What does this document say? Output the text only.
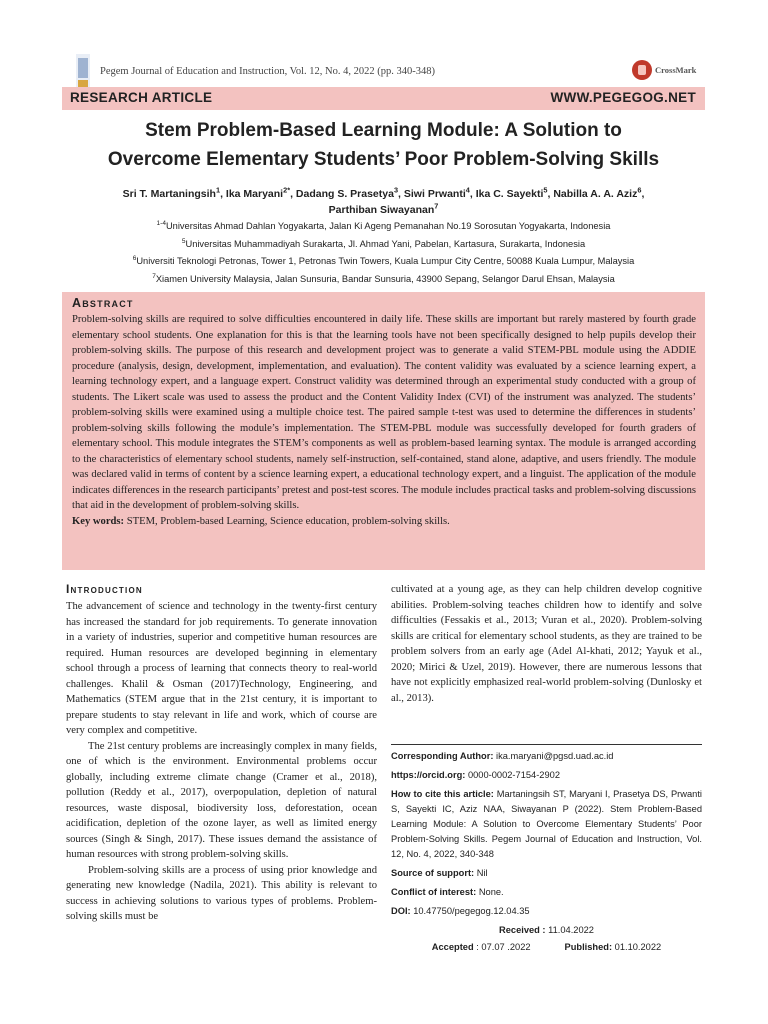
Pegem Journal of Education and Instruction, Vol. 12, No. 4, 2022 (pp. 340-348)	CrossMark
RESEARCH ARTICLE	WWW.PEGEGOG.NET
Stem Problem-Based Learning Module: A Solution to
Overcome Elementary Students’ Poor Problem-Solving Skills

Sri T. Martaningsih$^1$, Ika Maryani$^{2*}$, Dadang S. Prasetya$^3$, Siwi Prwanti$^4$, Ika C. Sayekti$^5$, Nabilla A. A. Aziz$^6$,
Parthiban Siwayanan$^7$

$^{1-4}$Universitas Ahmad Dahlan Yogyakarta, Jalan Ki Ageng Pemanahan No.19 Sorosutan Yogyakarta, Indonesia
$^5$Universitas Muhammadiyah Surakarta, Jl. Ahmad Yani, Pabelan, Kartasura, Surakarta, Indonesia
$^6$Universiti Teknologi Petronas, Tower 1, Petronas Twin Towers, Kuala Lumpur City Centre, 50088 Kuala Lumpur, Malaysia
$^7$Xiamen University Malaysia, Jalan Sunsuria, Bandar Sunsuria, 43900 Sepang, Selangor Darul Ehsan, Malaysia
Abstract

Problem-solving skills are required to solve difficulties encountered in daily life. These skills are important but rarely mastered by fourth grade elementary school students. One explanation for this is that the learning tools have not been specifically designed to help pupils develop their problem-solving skills. The purpose of this research and development project was to generate a valid STEM-PBL module using the ADDIE procedure (analysis, design, development, implementation, and evaluation). The content validity was evaluated by a science learning expert, a learning technology expert, and a language expert. Construct validity was determined through an experimental study conducted with a group of students. The Likert scale was used to assess the product and the Content Validity Index (CVI) of the instrument was analyzed. The students’ problem-solving skills were examined using a multiple choice test. The paired sample t-test was used to determine the differences in students’ problem-solving skills following the module’s implementation. The STEM-PBL module was successfully developed for fourth graders of elementary school. This module integrates the STEM’s components as well as problem-based learning syntax. The module is arranged according to the characteristics of elementary school students, namely self-instruction, self-contained, stand alone, adaptive, and users friendly. The module was declared valid in terms of content by a science learning expert, a educational technology expert, and a linguist. The application of the module indicates differences in the research participants’ pretest and post-test scores. The module includes practical tasks and problem-solving discussions that aid in the development of problem-solving skills.

Key words: STEM, Problem-based Learning, Science education, problem-solving skills.

Introduction

The advancement of science and technology in the twenty-first century has increased the standard for job requirements. To generate innovation in a variety of industries, superior and competitive human resources are required. Human resources are developed beginning in elementary school through a process of learning that connects theory to real-world challenges. Khalil & Osman (2017)Technology, Engineering, and Mathematics (STEM argue that in the 21st century, it is important to prepare students to stay relevant in life and work, which of course are very complex and competitive.

The 21st century problems are increasingly complex in many fields, one of which is the environment. Environmental problems occur globally, including extreme climate change (Cramer et al., 2018), pollution (Reddy et al., 2017), overpopulation, depletion of natural resources, waste disposal, biodiversity loss, deforestation, ocean acidification, depletion of the ozone layer, as well as limited energy sources (Singh & Singh, 2017). These issues demand the assistance of human resources with strong problem-solving skills.

Problem-solving skills are a process of using prior knowledge and generating new knowledge (Nadila, 2021). This ability is relevant to success in achieving solutions to various types of problems. Problem-solving skills must be

cultivated at a young age, as they can help children develop cognitive abilities. Problem-solving teaches children how to identify and solve difficulties (Fessakis et al., 2013; Vuran et al., 2020). Problem-solving skills are critical for elementary school students, as they are trained to be problem solvers from an early age (Adel Al-khati, 2012; Yayuk et al., 2020; Mirici & Uzel, 2019). However, there are numerous lessons that have not explicitly emphasized real-world problem-solving (Dunlosky et al., 2013).

Corresponding Author: ika.maryani@pgsd.uad.ac.id

https://orcid.org: 0000-0002-7154-2902

How to cite this article: Martaningsih ST, Maryani I, Prasetya DS, Prwanti S, Sayekti IC, Aziz NAA, Siwayanan P (2022). Stem Problem-Based Learning Module: A Solution to Overcome Elementary Students’ Poor Problem-Solving Skills. Pegem Journal of Education and Instruction, Vol. 12, No. 4, 2022, 340-348

Source of support: Nil

Conflict of interest: None.

DOI: 10.47750/pegegog.12.04.35

Received : 11.04.2022

Accepted : 07.07 .2022	Published: 01.10.2022
